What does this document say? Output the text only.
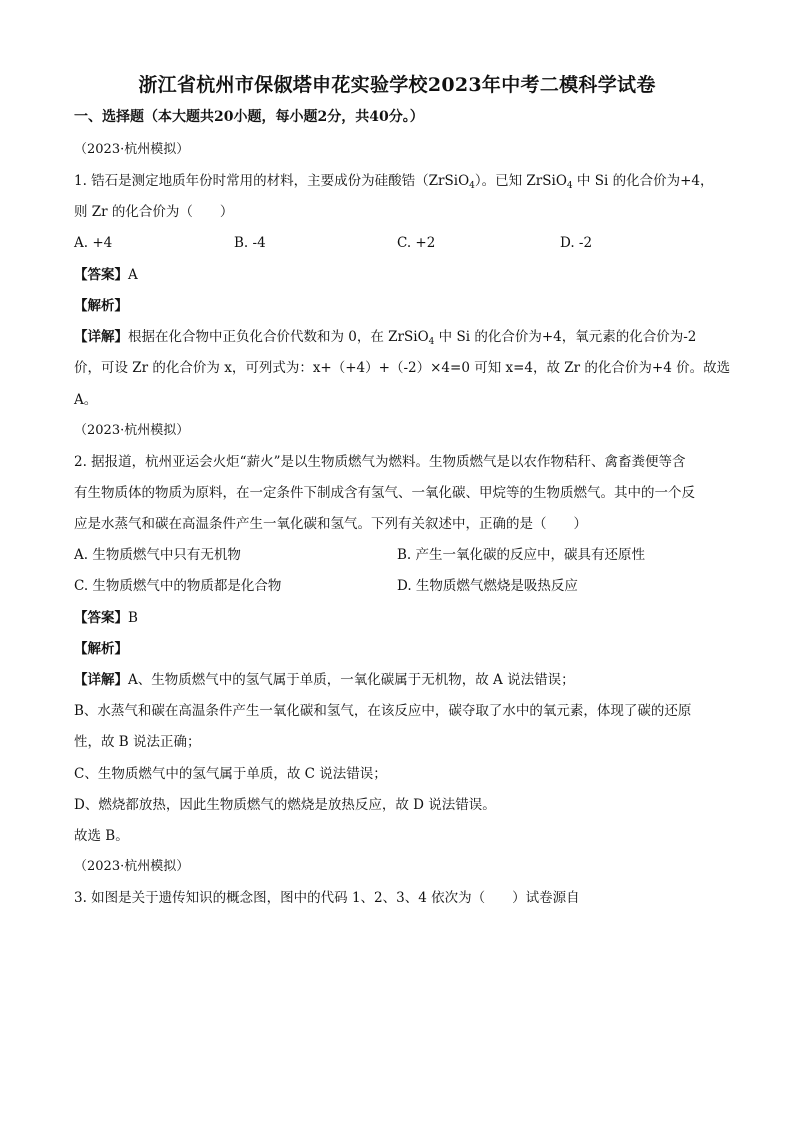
浙江省杭州市保俶塔申花实验学校2023年中考二模科学试卷
一、选择题（本大题共20小题，每小题2分，共40分。）
（2023·杭州模拟）
1. 锆石是测定地质年份时常用的材料，主要成份为硅酸锆（ZrSiO$_4$）。已知 ZrSiO$_4$ 中 Si 的化合价为+4，
则 Zr 的化合价为（　　）
A. +4	B. -4	C. +2	D. -2
【答案】A
【解析】
【详解】根据在化合物中正负化合价代数和为 0，在 ZrSiO$_4$ 中 Si 的化合价为+4，氧元素的化合价为-2
价，可设 Zr 的化合价为 x，可列式为：x+（+4）+（-2）×4=0 可知 x=4，故 Zr 的化合价为+4 价。故选
A。
（2023·杭州模拟）
2. 据报道，杭州亚运会火炬“薪火”是以生物质燃气为燃料。生物质燃气是以农作物秸秆、禽畜粪便等含
有生物质体的物质为原料，在一定条件下制成含有氢气、一氧化碳、甲烷等的生物质燃气。其中的一个反
应是水蒸气和碳在高温条件产生一氧化碳和氢气。下列有关叙述中，正确的是（　　）
A. 生物质燃气中只有无机物	B. 产生一氧化碳的反应中，碳具有还原性
C. 生物质燃气中的物质都是化合物	D. 生物质燃气燃烧是吸热反应
【答案】B
【解析】
【详解】A、生物质燃气中的氢气属于单质，一氧化碳属于无机物，故 A 说法错误；
B、水蒸气和碳在高温条件产生一氧化碳和氢气，在该反应中，碳夺取了水中的氧元素，体现了碳的还原
性，故 B 说法正确；
C、生物质燃气中的氢气属于单质，故 C 说法错误；
D、燃烧都放热，因此生物质燃气的燃烧是放热反应，故 D 说法错误。
故选 B。
（2023·杭州模拟）
3. 如图是关于遗传知识的概念图，图中的代码 1、2、3、4 依次为（　　）试卷源自
